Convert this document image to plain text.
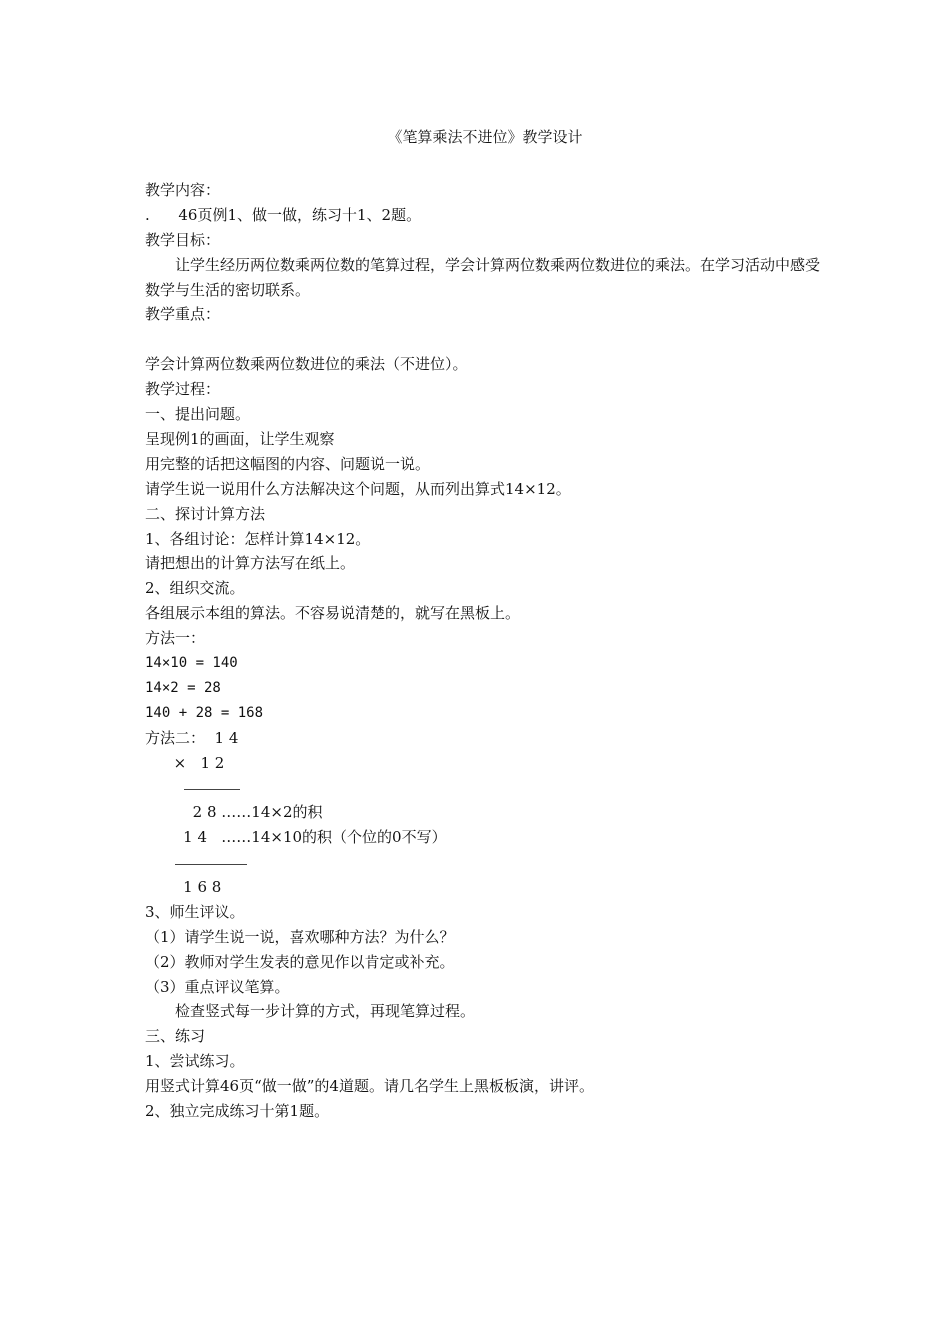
《笔算乘法不进位》教学设计
教学内容：
.      46页例1、做一做，练习十1、2题。
教学目标：
让学生经历两位数乘两位数的笔算过程，学会计算两位数乘两位数进位的乘法。在学习活动中感受数学与生活的密切联系。
教学重点：
学会计算两位数乘两位数进位的乘法（不进位）。
教学过程：
一、提出问题。
呈现例1的画面，让学生观察
用完整的话把这幅图的内容、问题说一说。
请学生说一说用什么方法解决这个问题，从而列出算式14×12。
二、探讨计算方法
1、各组讨论：怎样计算14×12。
请把想出的计算方法写在纸上。
2、组织交流。
各组展示本组的算法。不容易说清楚的，就写在黑板上。
方法一：
14×10 = 140
14×2 = 28
140 + 28 = 168
方法二：  1 4
×   1 2
2 8 ……14×2的积
1 4   ……14×10的积（个位的0不写）
1 6 8
3、师生评议。
（1）请学生说一说，喜欢哪种方法？为什么？
（2）教师对学生发表的意见作以肯定或补充。
（3）重点评议笔算。
检查竖式每一步计算的方式，再现笔算过程。
三、练习
1、尝试练习。
用竖式计算46页“做一做”的4道题。请几名学生上黑板板演，讲评。
2、独立完成练习十第1题。
